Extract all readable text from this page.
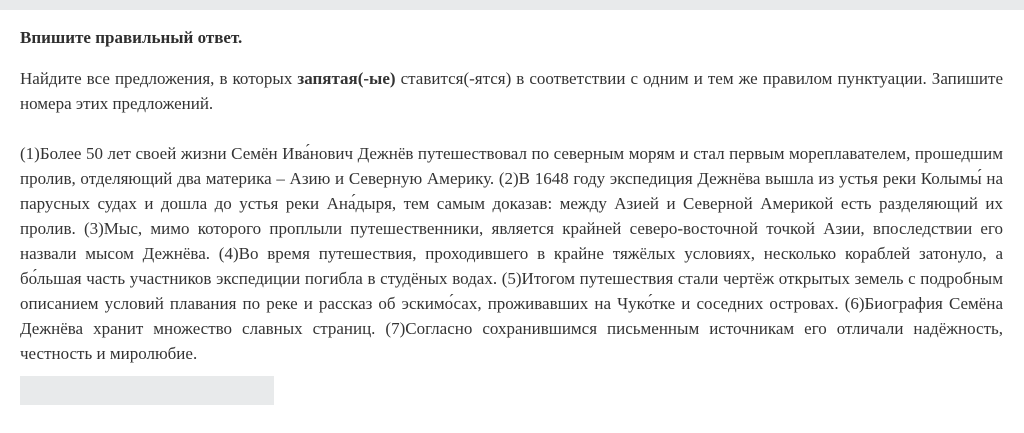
Впишите правильный ответ.

Найдите все предложения, в которых запятая(-ые) ставится(-ятся) в соответствии с одним и тем же правилом пунктуации. Запишите номера этих предложений.

(1)Более 50 лет своей жизни Семён Ива́нович Дежнёв путешествовал по северным морям и стал первым мореплавателем, прошедшим пролив, отделяющий два материка – Азию и Северную Америку. (2)В 1648 году экспедиция Дежнёва вышла из устья реки Колымы́ на парусных судах и дошла до устья реки Ана́дыря, тем самым доказав: между Азией и Северной Америкой есть разделяющий их пролив. (3)Мыс, мимо которого проплыли путешественники, является крайней северо-восточной точкой Азии, впоследствии его назвали мысом Дежнёва. (4)Во время путешествия, проходившего в крайне тяжёлых условиях, несколько кораблей затонуло, а бо́льшая часть участников экспедиции погибла в студёных водах. (5)Итогом путешествия стали чертёж открытых земель с подробным описанием условий плавания по реке и рассказ об эскимо́сах, проживавших на Чуко́тке и соседних островах. (6)Биография Семёна Дежнёва хранит множество славных страниц. (7)Согласно сохранившимся письменным источникам его отличали надёжность, честность и миролюбие.
